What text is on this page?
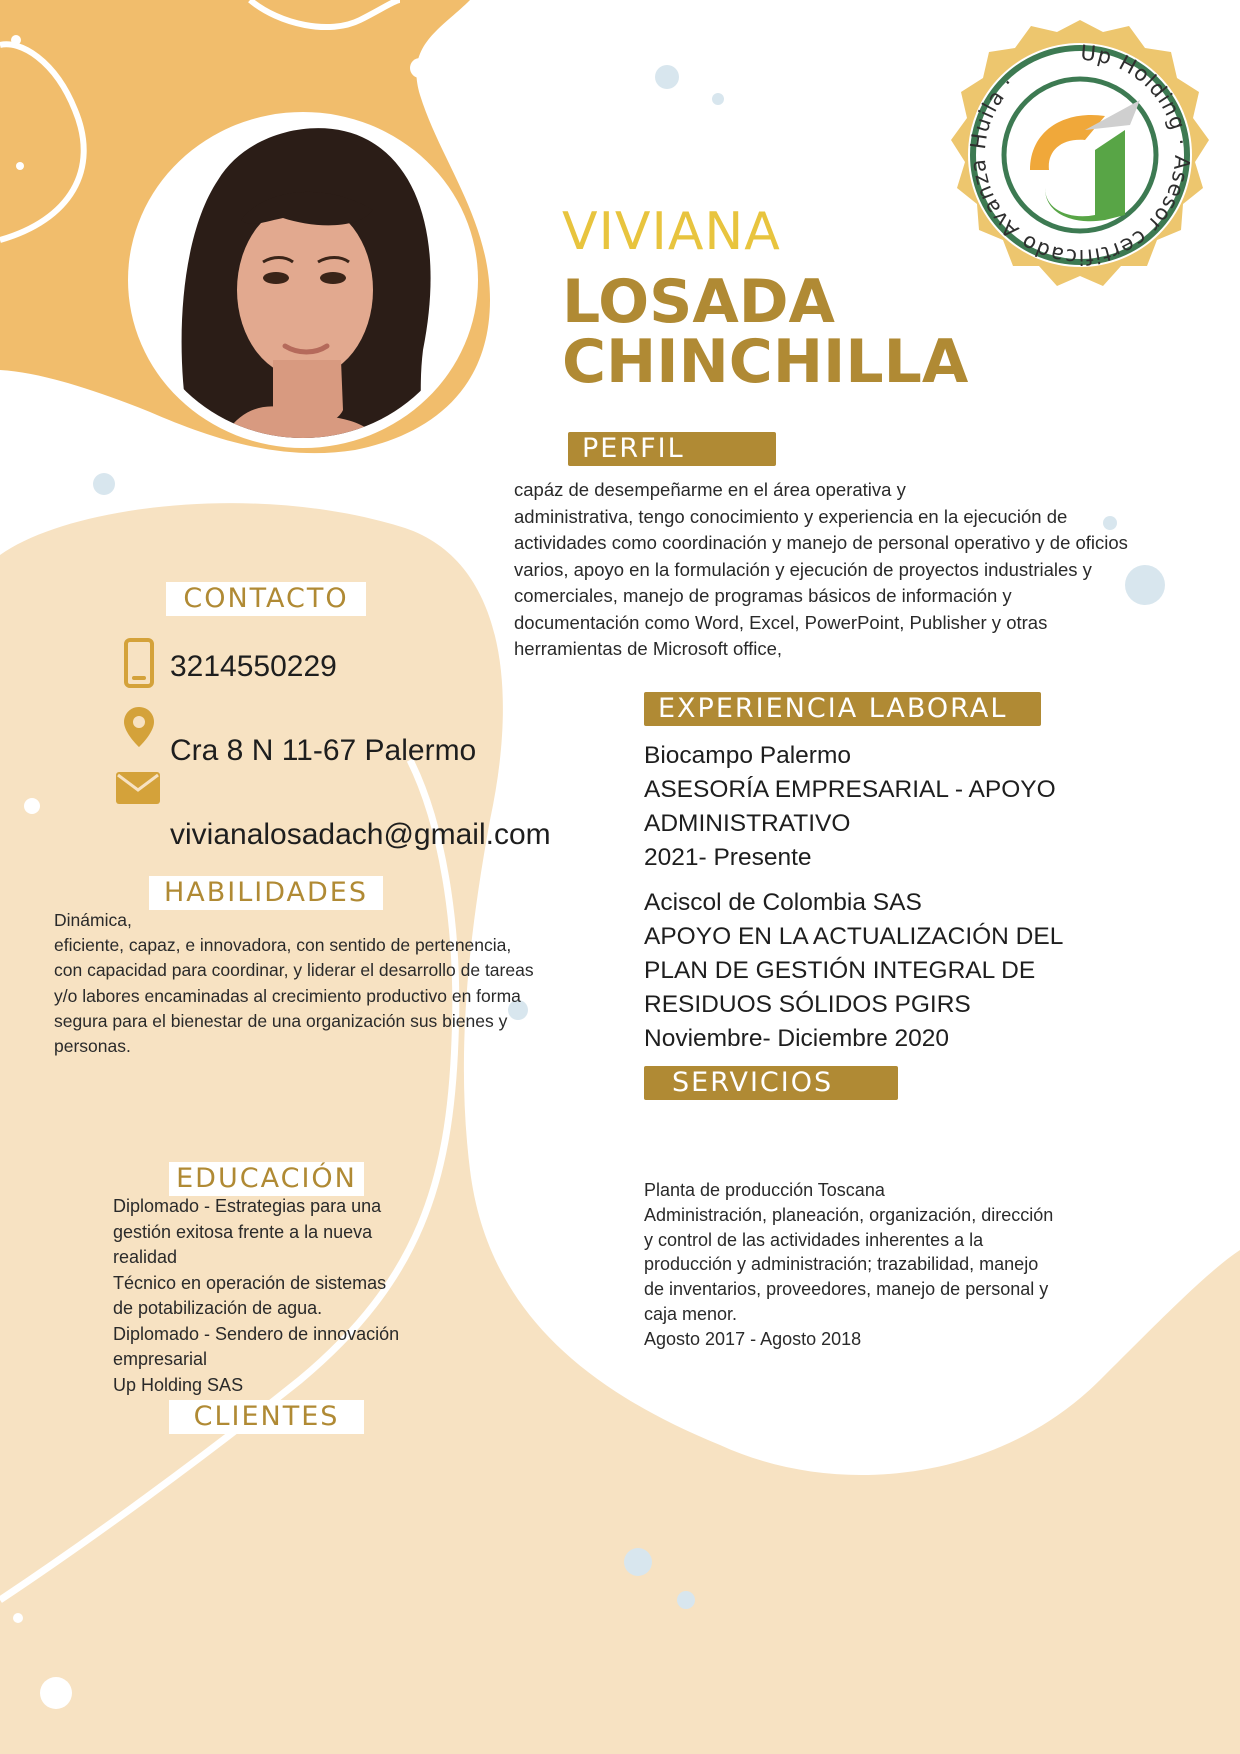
Up Holding · Asesor certificado Avanza Huila ·
VIVIANA
LOSADA
CHINCHILLA
PERFIL
capáz de desempeñarme en el área operativa y
administrativa, tengo conocimiento y experiencia en la ejecución de
actividades como coordinación y manejo de personal operativo y de oficios
varios, apoyo en la formulación y ejecución de proyectos industriales y
comerciales, manejo de programas básicos de información y
documentación como Word, Excel, PowerPoint, Publisher y otras
herramientas de Microsoft office,
CONTACTO
3214550229
Cra 8 N 11-67 Palermo
vivianalosadach@gmail.com
HABILIDADES
Dinámica,
eficiente, capaz, e innovadora, con sentido de pertenencia,
con capacidad para coordinar, y liderar el desarrollo de tareas
y/o labores encaminadas al crecimiento productivo en forma
segura para el bienestar de una organización sus bienes y
personas.
EDUCACIÓN
Diplomado - Estrategias para una
gestión exitosa frente a la nueva
realidad
Técnico en operación de sistemas
de potabilización de agua.
Diplomado - Sendero de innovación
empresarial
Up Holding SAS
CLIENTES
EXPERIENCIA LABORAL
Biocampo Palermo
ASESORÍA EMPRESARIAL - APOYO
ADMINISTRATIVO
2021- Presente
Aciscol de Colombia SAS
APOYO EN LA ACTUALIZACIÓN DEL
PLAN DE GESTIÓN INTEGRAL DE
RESIDUOS SÓLIDOS PGIRS
Noviembre- Diciembre 2020
SERVICIOS
Planta de producción Toscana
Administración, planeación, organización, dirección
y control de las actividades inherentes a la
producción y administración; trazabilidad, manejo
de inventarios, proveedores, manejo de personal y
caja menor.
Agosto 2017 - Agosto 2018
